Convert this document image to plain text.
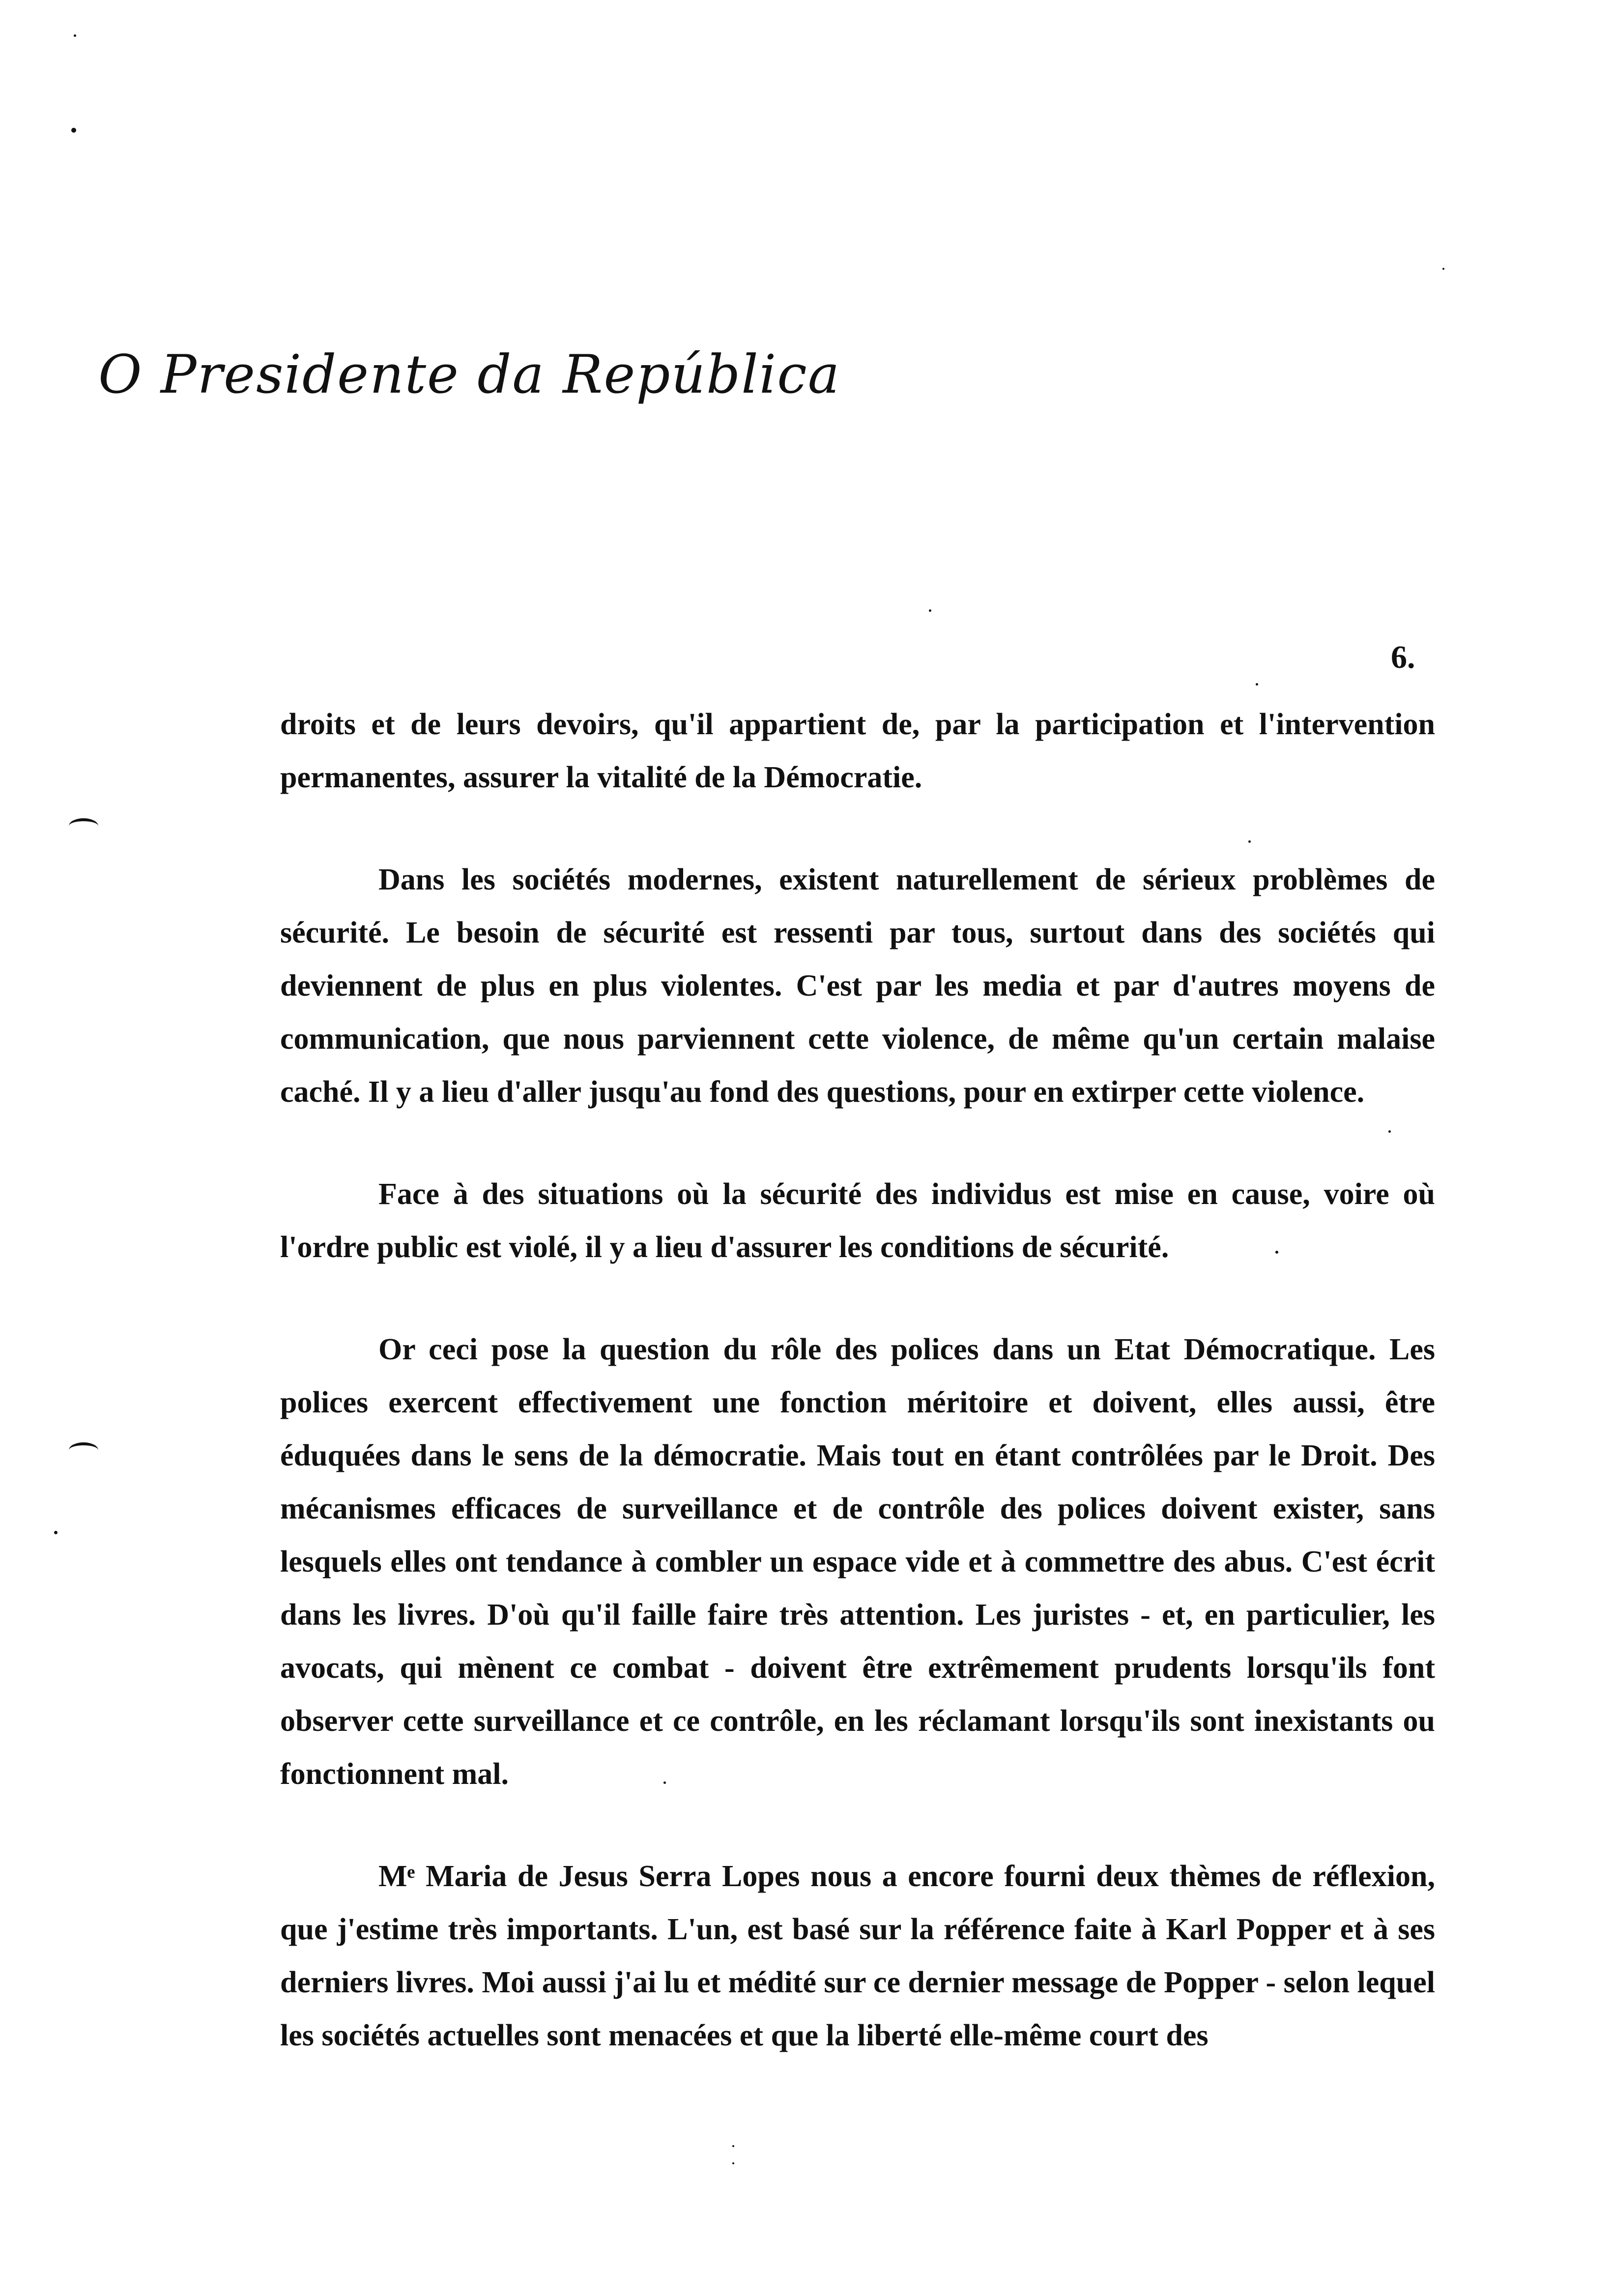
O Presidente da República
6.

droits et de leurs devoirs, qu'il appartient de, par la participation et l'intervention permanentes, assurer la vitalité de la Démocratie.

Dans les sociétés modernes, existent naturellement de sérieux problèmes de sécurité. Le besoin de sécurité est ressenti par tous, surtout dans des sociétés qui deviennent de plus en plus violentes. C'est par les media et par d'autres moyens de communication, que nous parviennent cette violence, de même qu'un certain malaise caché. Il y a lieu d'aller jusqu'au fond des questions, pour en extirper cette violence.

Face à des situations où la sécurité des individus est mise en cause, voire où l'ordre public est violé, il y a lieu d'assurer les conditions de sécurité.

Or ceci pose la question du rôle des polices dans un Etat Démocratique. Les polices exercent effectivement une fonction méritoire et doivent, elles aussi, être éduquées dans le sens de la démocratie. Mais tout en étant contrôlées par le Droit. Des mécanismes efficaces de surveillance et de contrôle des polices doivent exister, sans lesquels elles ont tendance à combler un espace vide et à commettre des abus. C'est écrit dans les livres. D'où qu'il faille faire très attention. Les juristes - et, en particulier, les avocats, qui mènent ce combat - doivent être extrêmement prudents lorsqu'ils font observer cette surveillance et ce contrôle, en les réclamant lorsqu'ils sont inexistants ou fonctionnent mal.

Mᵉ Maria de Jesus Serra Lopes nous a encore fourni deux thèmes de réflexion, que j'estime très importants. L'un, est basé sur la référence faite à Karl Popper et à ses derniers livres. Moi aussi j'ai lu et médité sur ce dernier message de Popper - selon lequel les sociétés actuelles sont menacées et que la liberté elle-même court des
